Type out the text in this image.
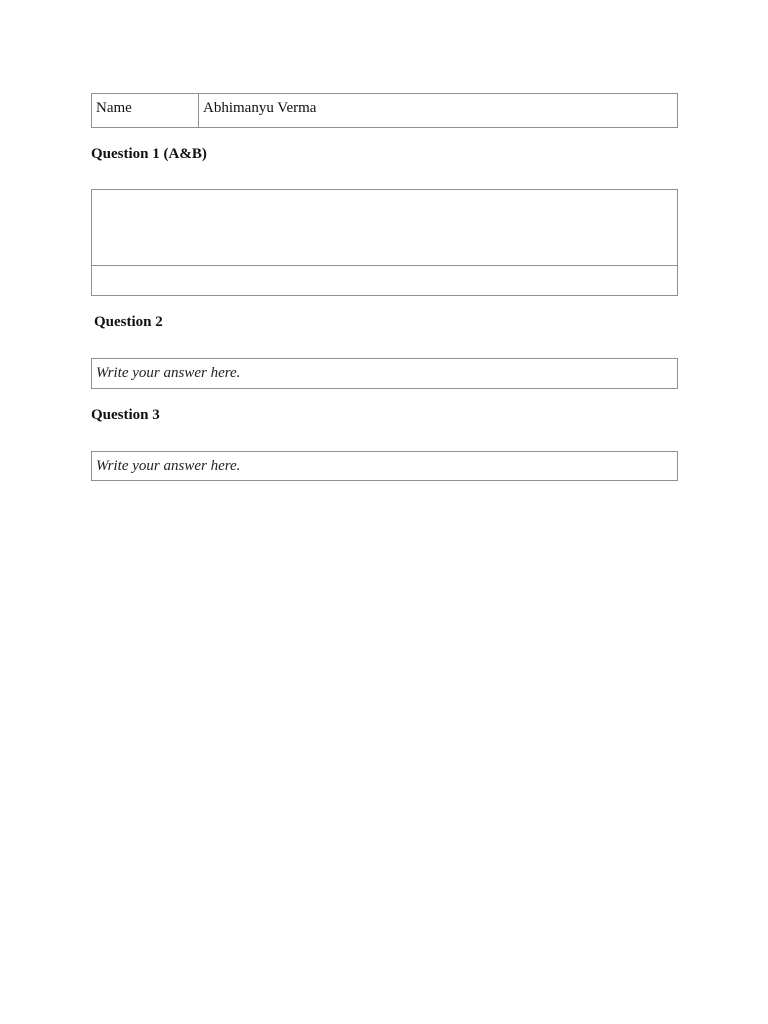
Name	Abhimanyu Verma
Question 1 (A&B)
Question 2
Write your answer here.
Question 3
Write your answer here.
